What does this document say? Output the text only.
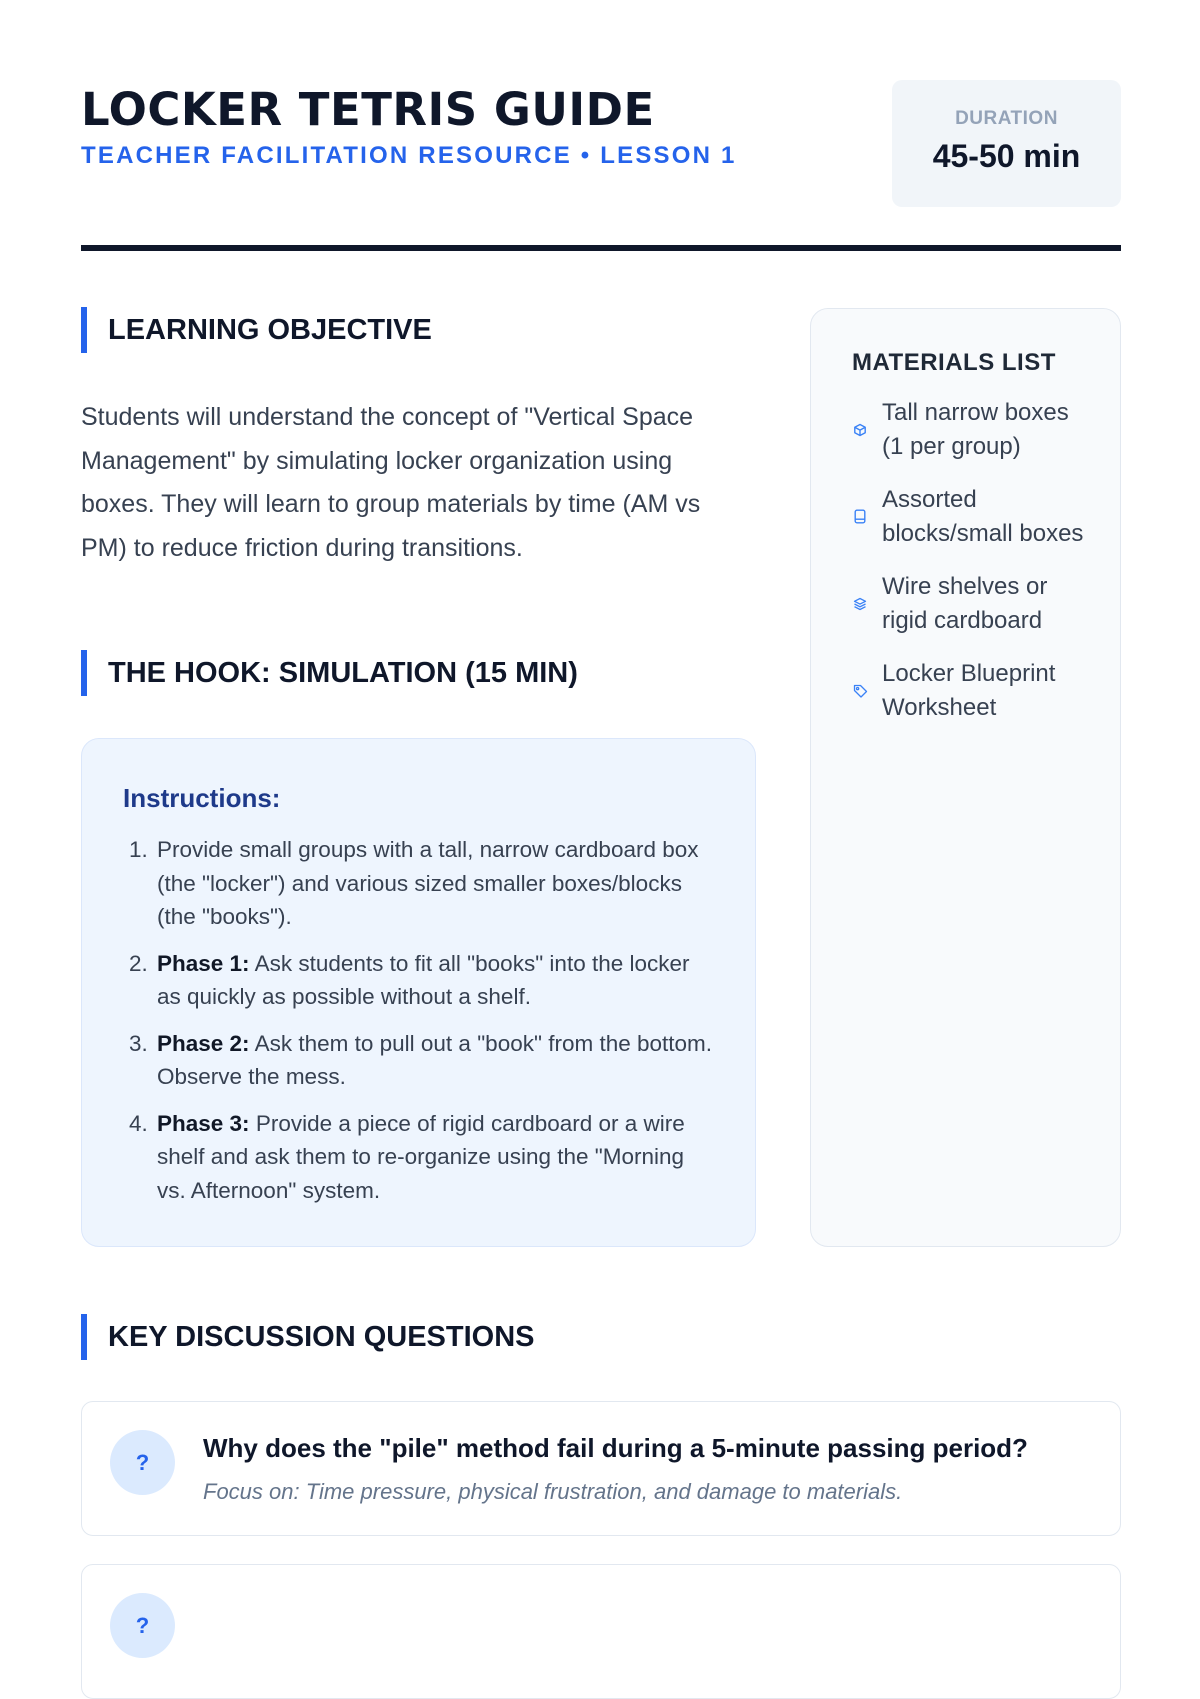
LOCKER TETRIS GUIDE
TEACHER FACILITATION RESOURCE • LESSON 1
DURATION
45-50 min
LEARNING OBJECTIVE

Students will understand the concept of "Vertical Space Management" by simulating locker organization using boxes. They will learn to group materials by time (AM vs PM) to reduce friction during transitions.

THE HOOK: SIMULATION (15 MIN)
Instructions:
Provide small groups with a tall, narrow cardboard box (the "locker") and various sized smaller boxes/blocks (the "books").
Phase 1: Ask students to fit all "books" into the locker as quickly as possible without a shelf.
Phase 2: Ask them to pull out a "book" from the bottom. Observe the mess.
Phase 3: Provide a piece of rigid cardboard or a wire shelf and ask them to re-organize using the "Morning vs. Afternoon" system.
MATERIALS LIST
Tall narrow boxes (1 per group)
Assorted blocks/small boxes
Wire shelves or rigid cardboard
Locker Blueprint Worksheet
KEY DISCUSSION QUESTIONS
?	Why does the "pile" method fail during a 5-minute passing period?
Focus on: Time pressure, physical frustration, and damage to materials.
?
